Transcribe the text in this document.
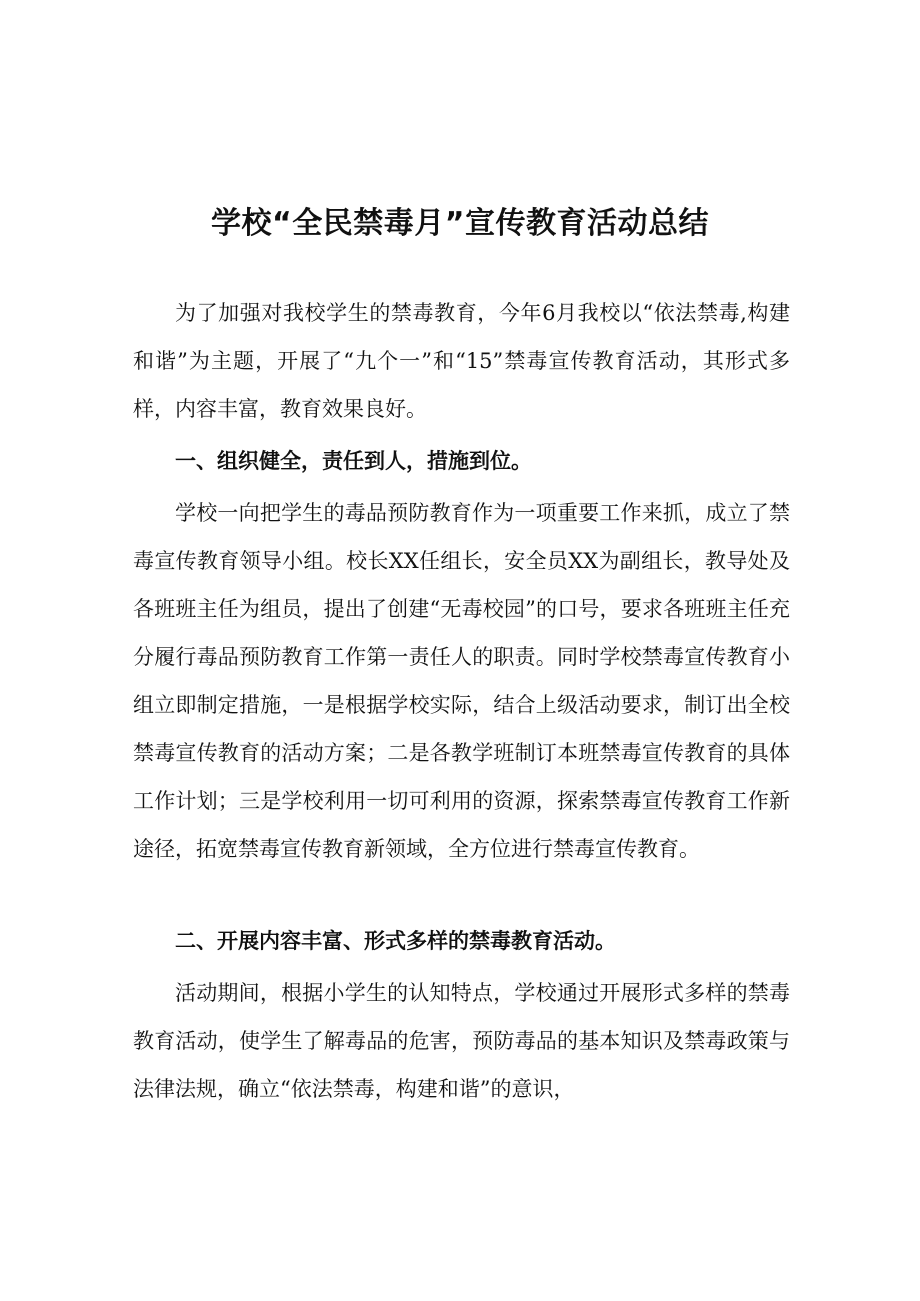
学校“全民禁毒月”宣传教育活动总结

为了加强对我校学生的禁毒教育，今年6月我校以“依法禁毒,构建和谐”为主题，开展了“九个一”和“15”禁毒宣传教育活动，其形式多样，内容丰富，教育效果良好。

一、组织健全，责任到人，措施到位。

学校一向把学生的毒品预防教育作为一项重要工作来抓，成立了禁毒宣传教育领导小组。校长XX任组长，安全员XX为副组长，教导处及各班班主任为组员，提出了创建“无毒校园”的口号，要求各班班主任充分履行毒品预防教育工作第一责任人的职责。同时学校禁毒宣传教育小组立即制定措施，一是根据学校实际，结合上级活动要求，制订出全校禁毒宣传教育的活动方案；二是各教学班制订本班禁毒宣传教育的具体工作计划；三是学校利用一切可利用的资源，探索禁毒宣传教育工作新途径，拓宽禁毒宣传教育新领域，全方位进行禁毒宣传教育。

二、开展内容丰富、形式多样的禁毒教育活动。

活动期间，根据小学生的认知特点，学校通过开展形式多样的禁毒教育活动，使学生了解毒品的危害，预防毒品的基本知识及禁毒政策与法律法规，确立“依法禁毒，构建和谐”的意识，
